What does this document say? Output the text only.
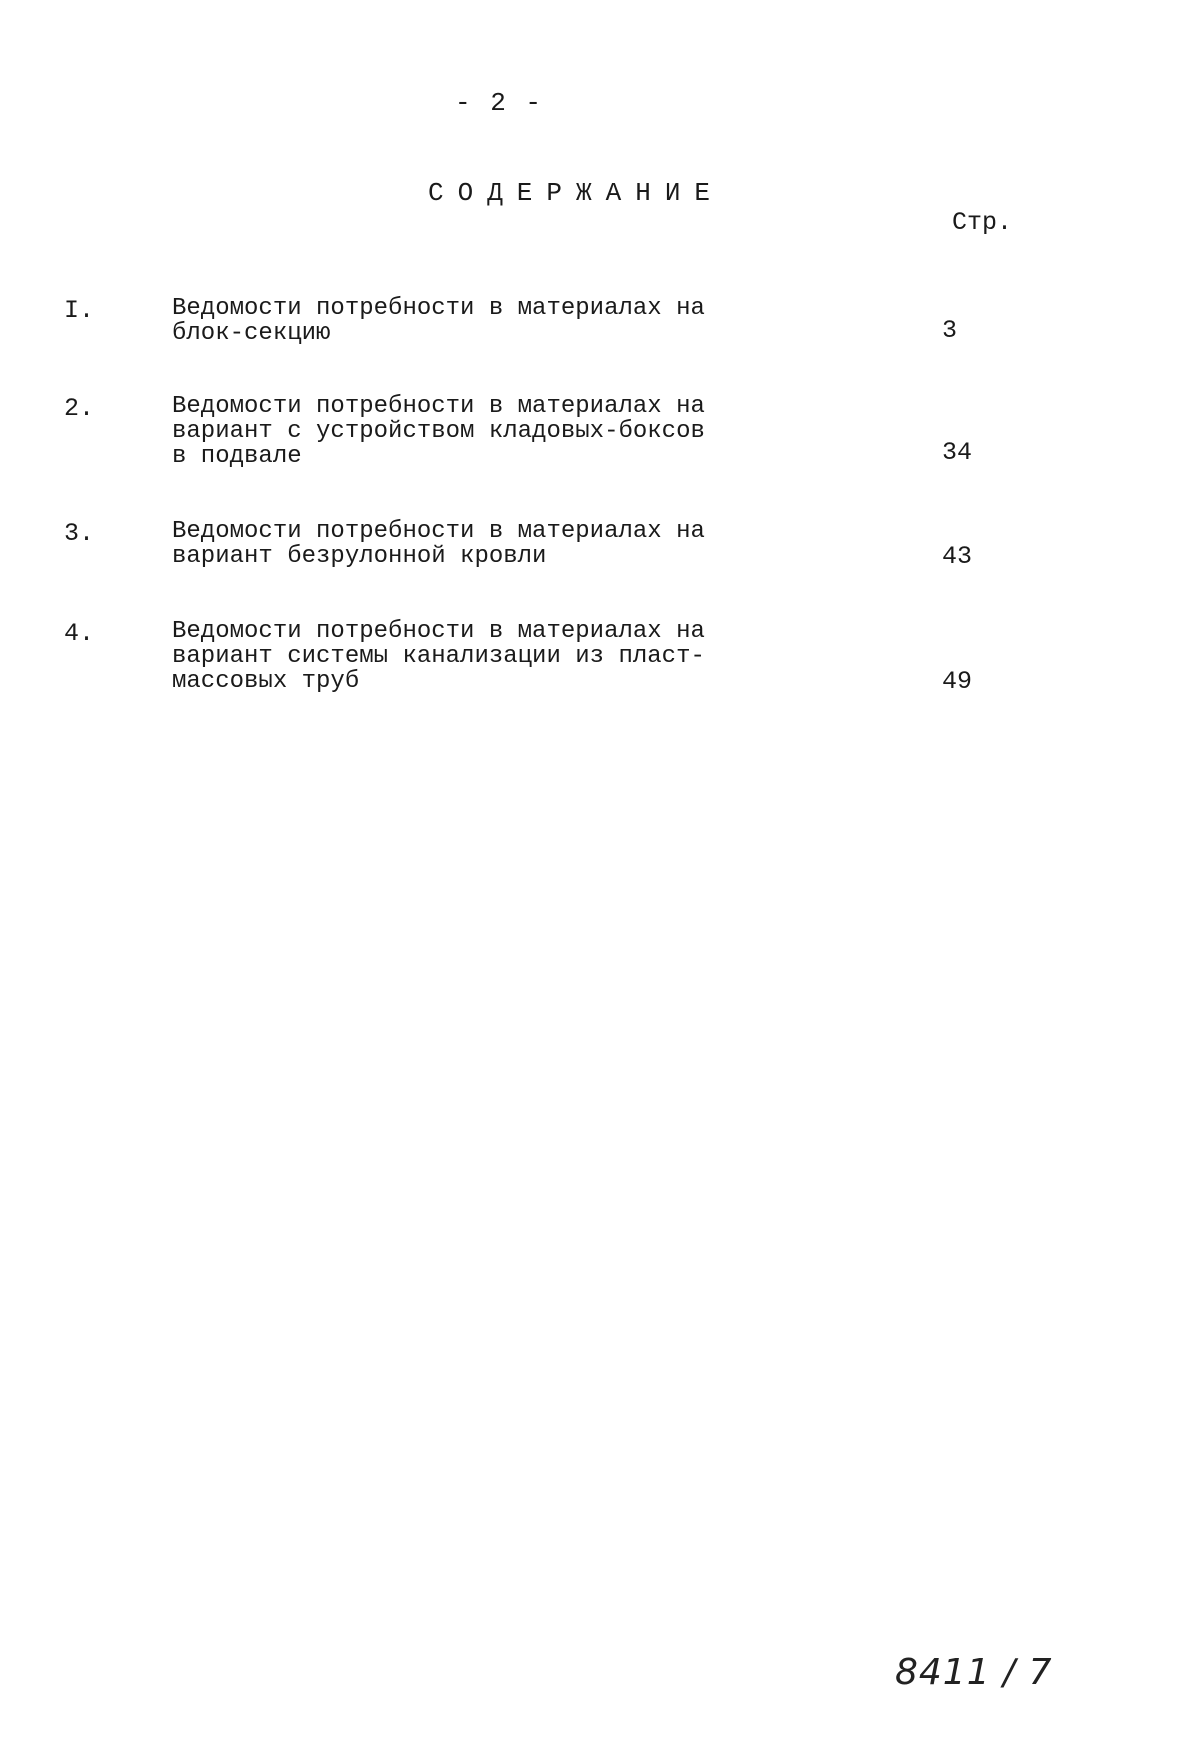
- 2 -
СОДЕРЖАНИЕ
Стр.
I.	Ведомости потребности в материалах на
блок-секцию	3
2.	Ведомости потребности в материалах на
вариант с устройством кладовых-боксов
в подвале	34
3.	Ведомости потребности в материалах на
вариант безрулонной кровли	43
4.	Ведомости потребности в материалах на
вариант системы канализации из пласт-
массовых труб	49
8411 / 7
